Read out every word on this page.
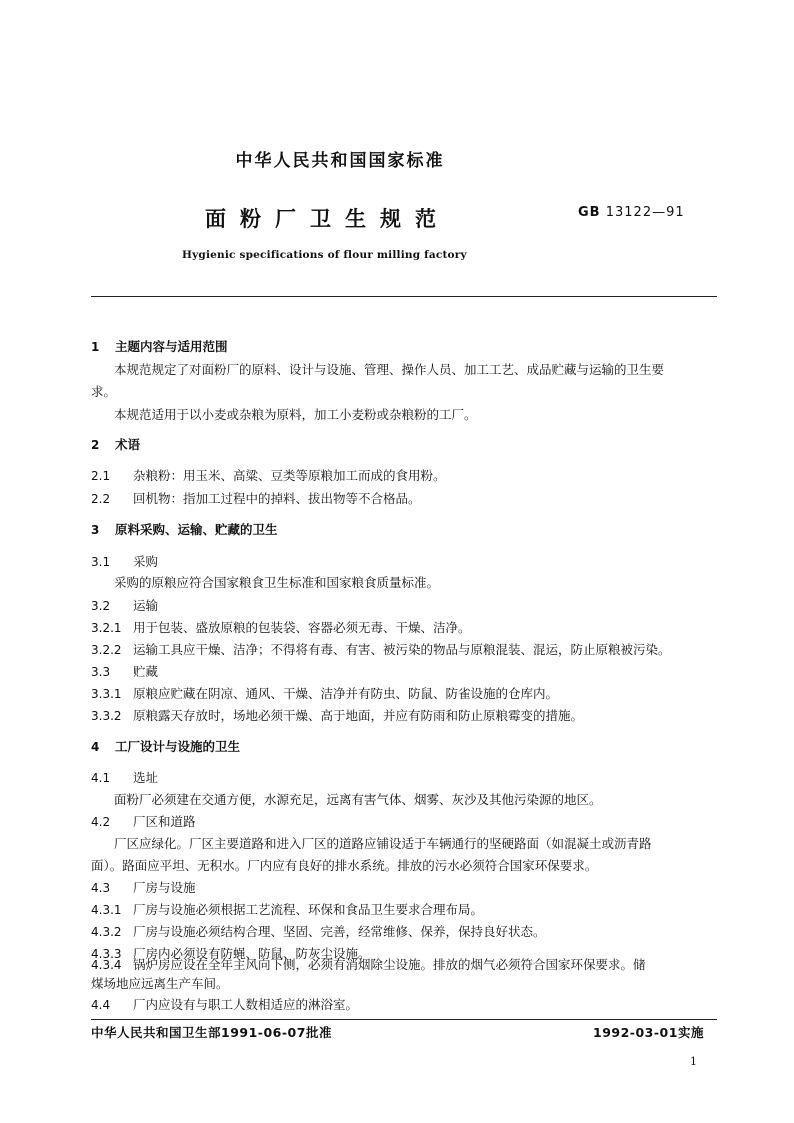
中华人民共和国国家标准
面粉厂卫生规范	GB 13122—91
Hygienic specifications of flour milling factory
1 主题内容与适用范围
本规范规定了对面粉厂的原料、设计与设施、管理、操作人员、加工工艺、成品贮藏与运输的卫生要
求。
本规范适用于以小麦或杂粮为原料，加工小麦粉或杂粮粉的工厂。
2 术语
2.1 杂粮粉：用玉米、高粱、豆类等原粮加工而成的食用粉。
2.2 回机物：指加工过程中的掉料、拔出物等不合格品。
3 原料采购、运输、贮藏的卫生
3.1 采购
采购的原粮应符合国家粮食卫生标准和国家粮食质量标准。
3.2 运输
3.2.1 用于包装、盛放原粮的包装袋、容器必须无毒、干燥、洁净。
3.2.2 运输工具应干燥、洁净；不得将有毒、有害、被污染的物品与原粮混装、混运，防止原粮被污染。
3.3 贮藏
3.3.1 原粮应贮藏在阴凉、通风、干燥、洁净并有防虫、防鼠、防雀设施的仓库内。
3.3.2 原粮露天存放时，场地必须干燥、高于地面，并应有防雨和防止原粮霉变的措施。
4 工厂设计与设施的卫生
4.1 选址
面粉厂必须建在交通方便，水源充足，远离有害气体、烟雾、灰沙及其他污染源的地区。
4.2 厂区和道路
厂区应绿化。厂区主要道路和进入厂区的道路应铺设适于车辆通行的坚硬路面（如混凝土或沥青路
面）。路面应平坦、无积水。厂内应有良好的排水系统。排放的污水必须符合国家环保要求。
4.3 厂房与设施
4.3.1 厂房与设施必须根据工艺流程、环保和食品卫生要求合理布局。
4.3.2 厂房与设施必须结构合理、坚固、完善，经常维修、保养，保持良好状态。
4.3.3 厂房内必须设有防蝇、防鼠、防灰尘设施。
4.3.4 锅炉房应设在全年主风向下侧，必须有消烟除尘设施。排放的烟气必须符合国家环保要求。储
煤场地应远离生产车间。
4.4 厂内应设有与职工人数相适应的淋浴室。
中华人民共和国卫生部1991-06-07批准	1992-03-01实施
1
